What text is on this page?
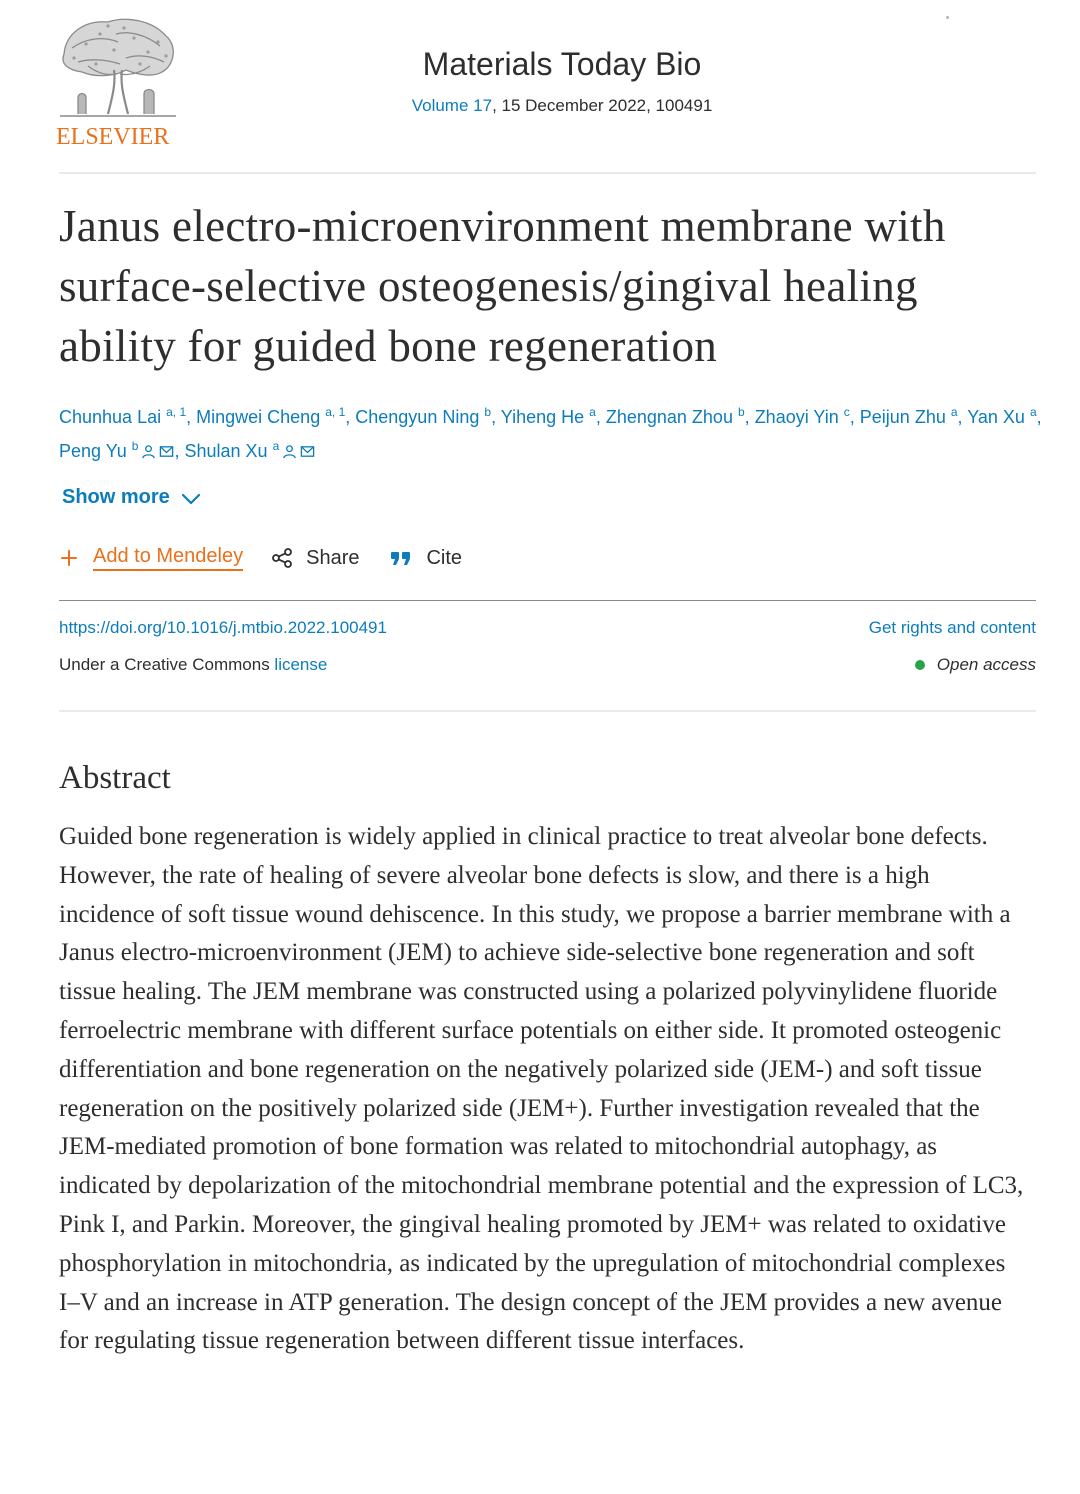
ELSEVIER
Materials Today Bio
Volume 17, 15 December 2022, 100491
Janus electro-microenvironment membrane with surface-selective osteogenesis/gingival healing ability for guided bone regeneration
Chunhua Lai $^{a, 1}$, Mingwei Cheng $^{a, 1}$, Chengyun Ning $^b$, Yiheng He $^a$, Zhengnan Zhou $^b$, Zhaoyi Yin $^c$, Peijun Zhu $^a$, Yan Xu $^a$, Peng Yu $^b$ , Shulan Xu $^a$
Show more
Add to Mendeley	Share	Cite
https://doi.org/10.1016/j.mtbio.2022.100491	Get rights and content
Under a Creative Commons license	Open access
Abstract

Guided bone regeneration is widely applied in clinical practice to treat alveolar bone defects. However, the rate of healing of severe alveolar bone defects is slow, and there is a high incidence of soft tissue wound dehiscence. In this study, we propose a barrier membrane with a Janus electro-microenvironment (JEM) to achieve side-selective bone regeneration and soft tissue healing. The JEM membrane was constructed using a polarized polyvinylidene fluoride ferroelectric membrane with different surface potentials on either side. It promoted osteogenic differentiation and bone regeneration on the negatively polarized side (JEM-) and soft tissue regeneration on the positively polarized side (JEM+). Further investigation revealed that the JEM-mediated promotion of bone formation was related to mitochondrial autophagy, as indicated by depolarization of the mitochondrial membrane potential and the expression of LC3, Pink I, and Parkin. Moreover, the gingival healing promoted by JEM+ was related to oxidative phosphorylation in mitochondria, as indicated by the upregulation of mitochondrial complexes I–V and an increase in ATP generation. The design concept of the JEM provides a new avenue for regulating tissue regeneration between different tissue interfaces.
